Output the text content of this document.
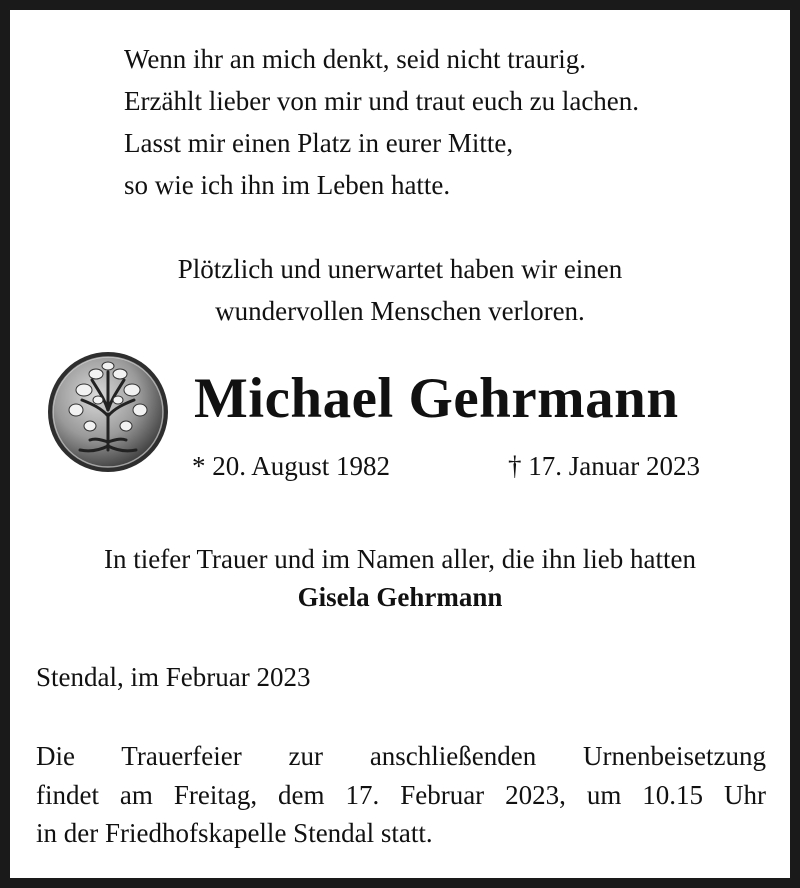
Wenn ihr an mich denkt, seid nicht traurig.
Erzählt lieber von mir und traut euch zu lachen.
Lasst mir einen Platz in eurer Mitte,
so wie ich ihn im Leben hatte.
Plötzlich und unerwartet haben wir einen
wundervollen Menschen verloren.
Michael Gehrmann
* 20. August 1982	† 17. Januar 2023
In tiefer Trauer und im Namen aller, die ihn lieb hatten
Gisela Gehrmann
Stendal, im Februar 2023
Die Trauerfeier zur anschließenden Urnenbeisetzung
findet am Freitag, dem 17. Februar 2023, um 10.15 Uhr
in der Friedhofskapelle Stendal statt.
